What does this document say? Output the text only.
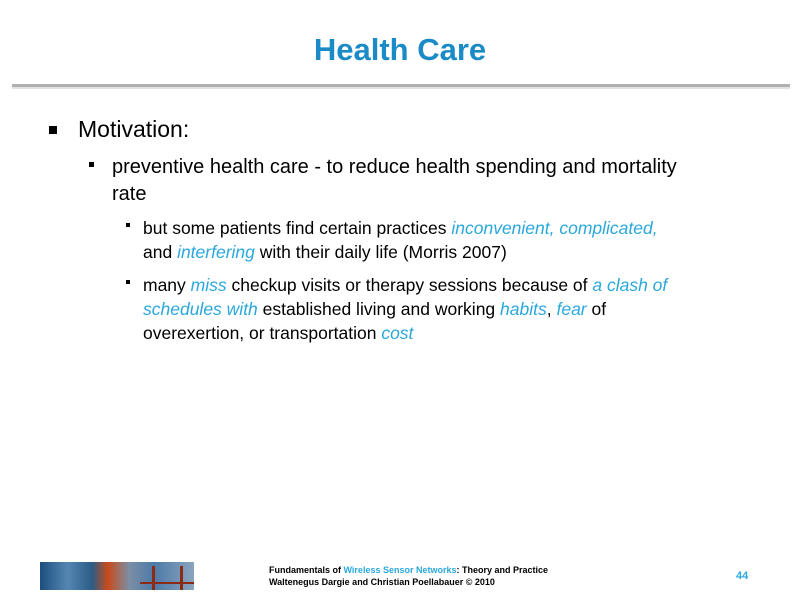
Health Care
Motivation:
preventive health care - to reduce health spending and mortality
rate
but some patients find certain practices inconvenient, complicated,
and interfering with their daily life (Morris 2007)
many miss checkup visits or therapy sessions because of a clash of
schedules with established living and working habits, fear of
overexertion, or transportation cost
Fundamentals of Wireless Sensor Networks: Theory and Practice
Waltenegus Dargie and Christian Poellabauer © 2010	44
